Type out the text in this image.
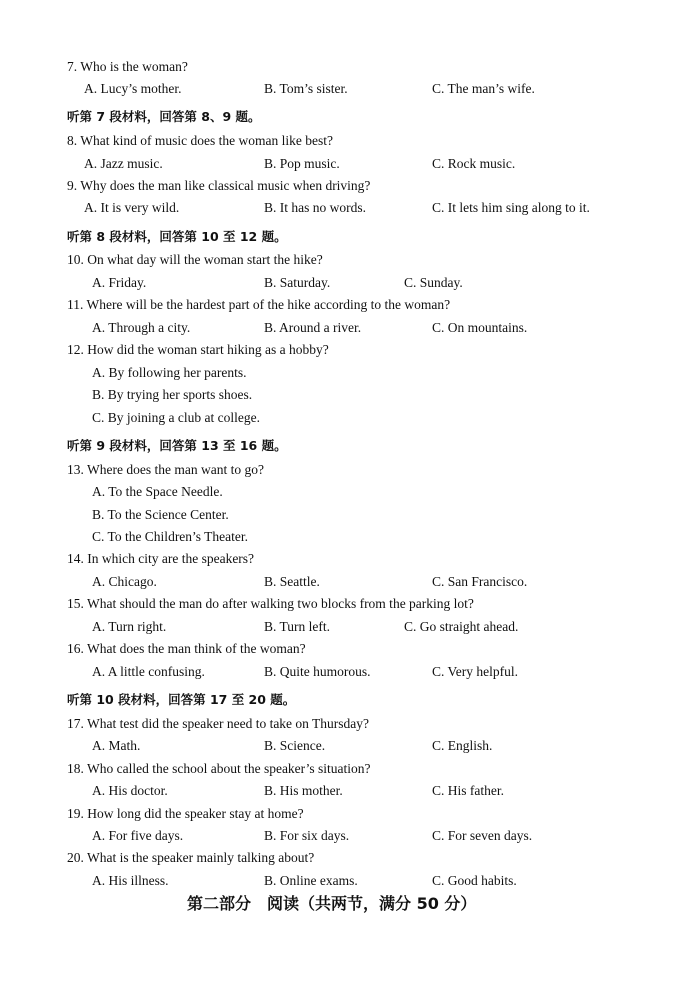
7. Who is the woman?
A. Lucy’s mother.	B. Tom’s sister.	C. The man’s wife.
听第 7 段材料，回答第 8、9 题。
8. What kind of music does the woman like best?
A. Jazz music.	B. Pop music.	C. Rock music.
9. Why does the man like classical music when driving?
A. It is very wild.	B. It has no words.	C. It lets him sing along to it.
听第 8 段材料，回答第 10 至 12 题。
10. On what day will the woman start the hike?
A. Friday.	B. Saturday.	C. Sunday.
11. Where will be the hardest part of the hike according to the woman?
A. Through a city.	B. Around a river.	C. On mountains.
12. How did the woman start hiking as a hobby?
A. By following her parents.
B. By trying her sports shoes.
C. By joining a club at college.
听第 9 段材料，回答第 13 至 16 题。
13. Where does the man want to go?
A. To the Space Needle.
B. To the Science Center.
C. To the Children’s Theater.
14. In which city are the speakers?
A. Chicago.	B. Seattle.	C. San Francisco.
15. What should the man do after walking two blocks from the parking lot?
A. Turn right.	B. Turn left.	C. Go straight ahead.
16. What does the man think of the woman?
A. A little confusing.	B. Quite humorous.	C. Very helpful.
听第 10 段材料，回答第 17 至 20 题。
17. What test did the speaker need to take on Thursday?
A. Math.	B. Science.	C. English.
18. Who called the school about the speaker’s situation?
A. His doctor.	B. His mother.	C. His father.
19. How long did the speaker stay at home?
A. For five days.	B. For six days.	C. For seven days.
20. What is the speaker mainly talking about?
A. His illness.	B. Online exams.	C. Good habits.
第二部分　阅读（共两节，满分 50 分）
